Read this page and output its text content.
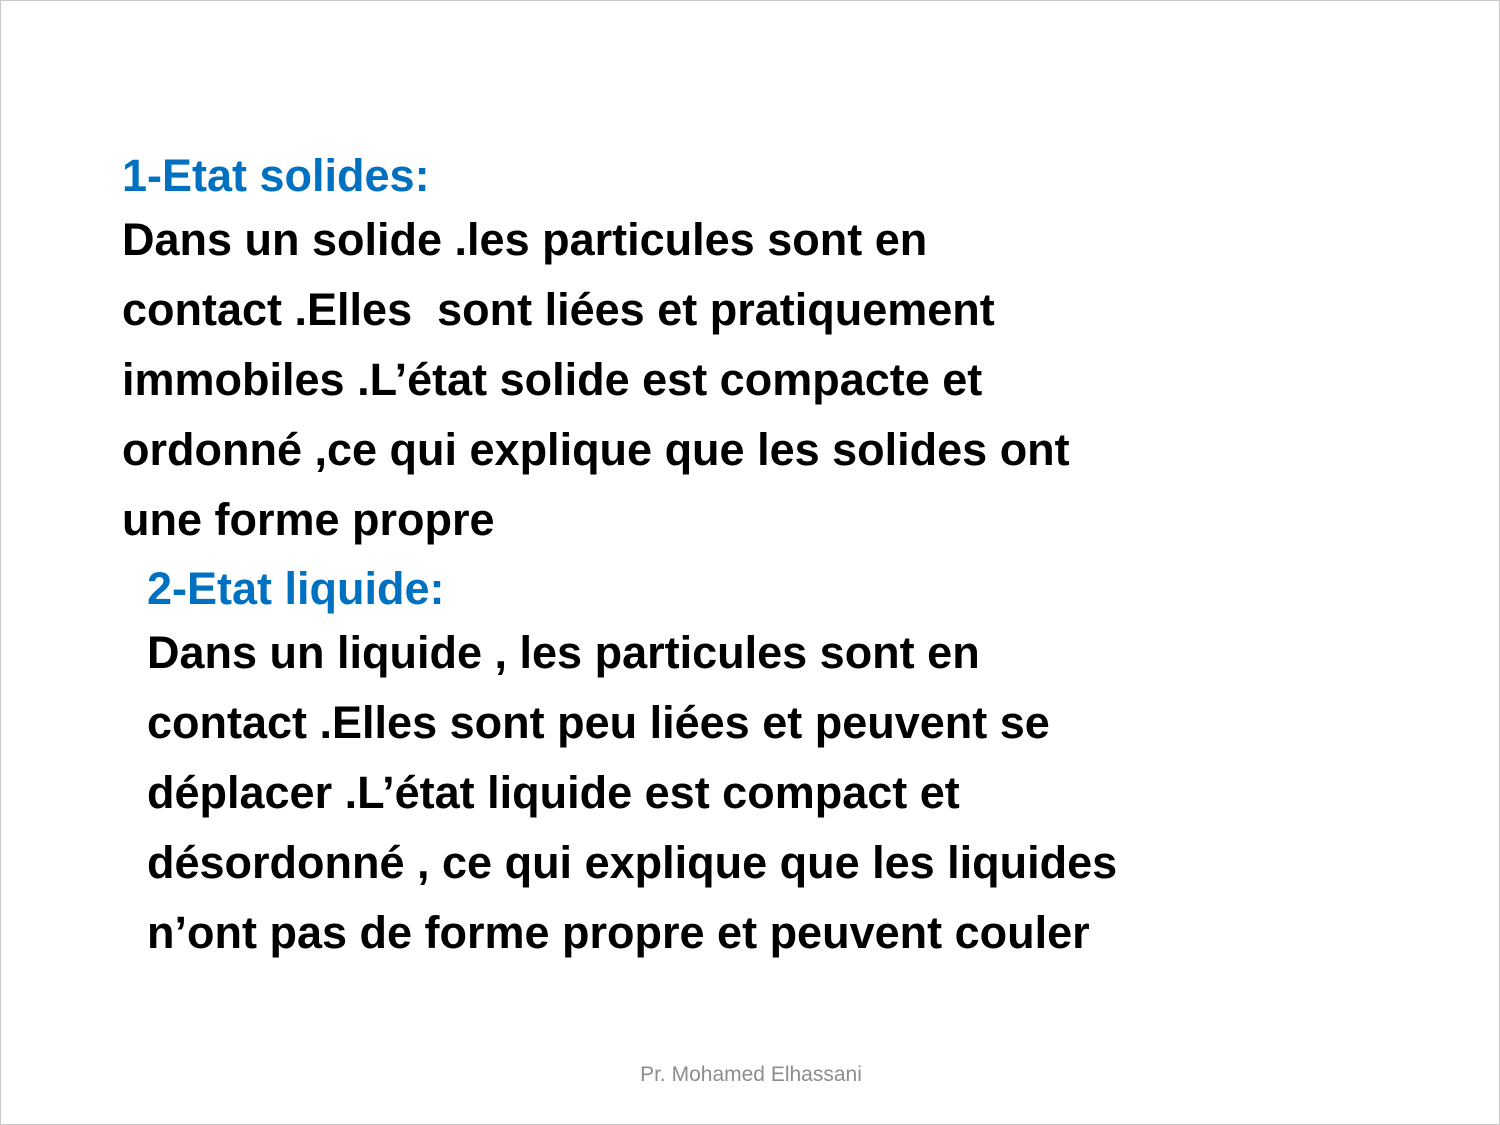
1-Etat solides:
Dans un solide .les particules sont en
contact .Elles  sont liées et pratiquement
immobiles .L’état solide est compacte et
ordonné ,ce qui explique que les solides ont
une forme propre
2-Etat liquide:
Dans un liquide , les particules sont en
contact .Elles sont peu liées et peuvent se
déplacer .L’état liquide est compact et
désordonné , ce qui explique que les liquides
n’ont pas de forme propre et peuvent couler
Pr. Mohamed Elhassani
